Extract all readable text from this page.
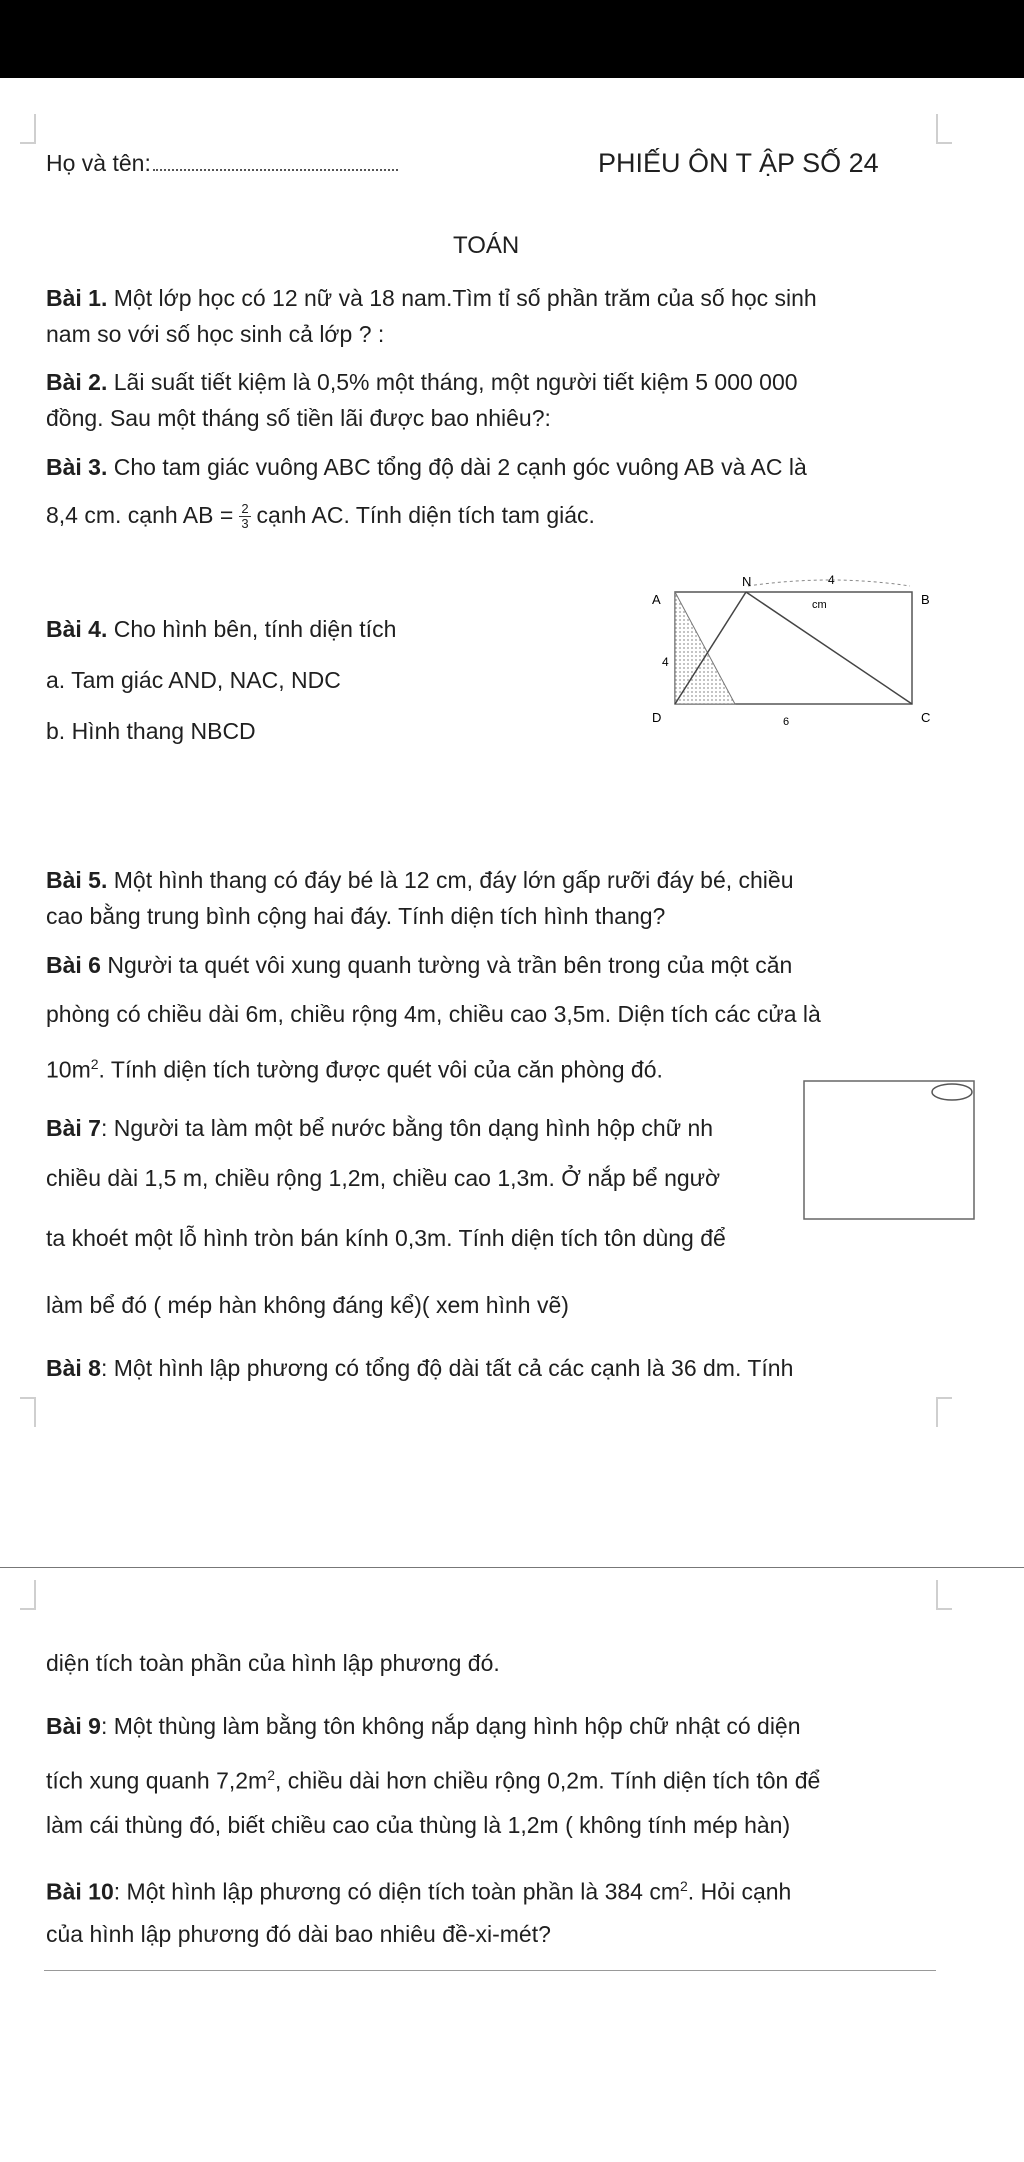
Họ và tên:	PHIẾU ÔN T ẬP SỐ 24
TOÁN
Bài 1. Một lớp học có 12 nữ và 18 nam.Tìm tỉ số phần trăm của số học sinh
nam so với số học sinh cả lớp ? :
Bài 2. Lãi suất tiết kiệm là 0,5% một tháng, một người tiết kiệm 5 000 000
đồng. Sau một tháng số tiền lãi được bao nhiêu?:
Bài 3. Cho tam giác vuông ABC tổng độ dài 2 cạnh góc vuông AB và AC là
8,4 cm. cạnh AB = $\frac{2}{3}$ cạnh AC. Tính diện tích tam giác.
Bài 4. Cho hình bên, tính diện tích
a. Tam giác AND, NAC, NDC
b. Hình thang NBCD
A
N
B
D	C
4
cm
4
6
Bài 5. Một hình thang có đáy bé là 12 cm, đáy lớn gấp rưỡi đáy bé, chiều
cao bằng trung bình cộng hai đáy. Tính diện tích hình thang?
Bài 6 Người ta quét vôi xung quanh tường và trần bên trong của một căn
phòng có chiều dài 6m, chiều rộng 4m, chiều cao 3,5m. Diện tích các cửa là
$10m^2$. Tính diện tích tường được quét vôi của căn phòng đó.
Bài 7: Người ta làm một bể nước bằng tôn dạng hình hộp chữ nh
chiều dài 1,5 m, chiều rộng 1,2m, chiều cao 1,3m. Ở nắp bể ngườ
ta khoét một lỗ hình tròn bán kính 0,3m. Tính diện tích tôn dùng để
làm bể đó ( mép hàn không đáng kể)( xem hình vẽ)
Bài 8: Một hình lập phương có tổng độ dài tất cả các cạnh là 36 dm. Tính
diện tích toàn phần của hình lập phương đó.
Bài 9: Một thùng làm bằng tôn không nắp dạng hình hộp chữ nhật có diện
tích xung quanh $7,2m^2$, chiều dài hơn chiều rộng 0,2m. Tính diện tích tôn để
làm cái thùng đó, biết chiều cao của thùng là 1,2m ( không tính mép hàn)
Bài 10: Một hình lập phương có diện tích toàn phần là 384 $cm^2$. Hỏi cạnh
của hình lập phương đó dài bao nhiêu đề-xi-mét?
